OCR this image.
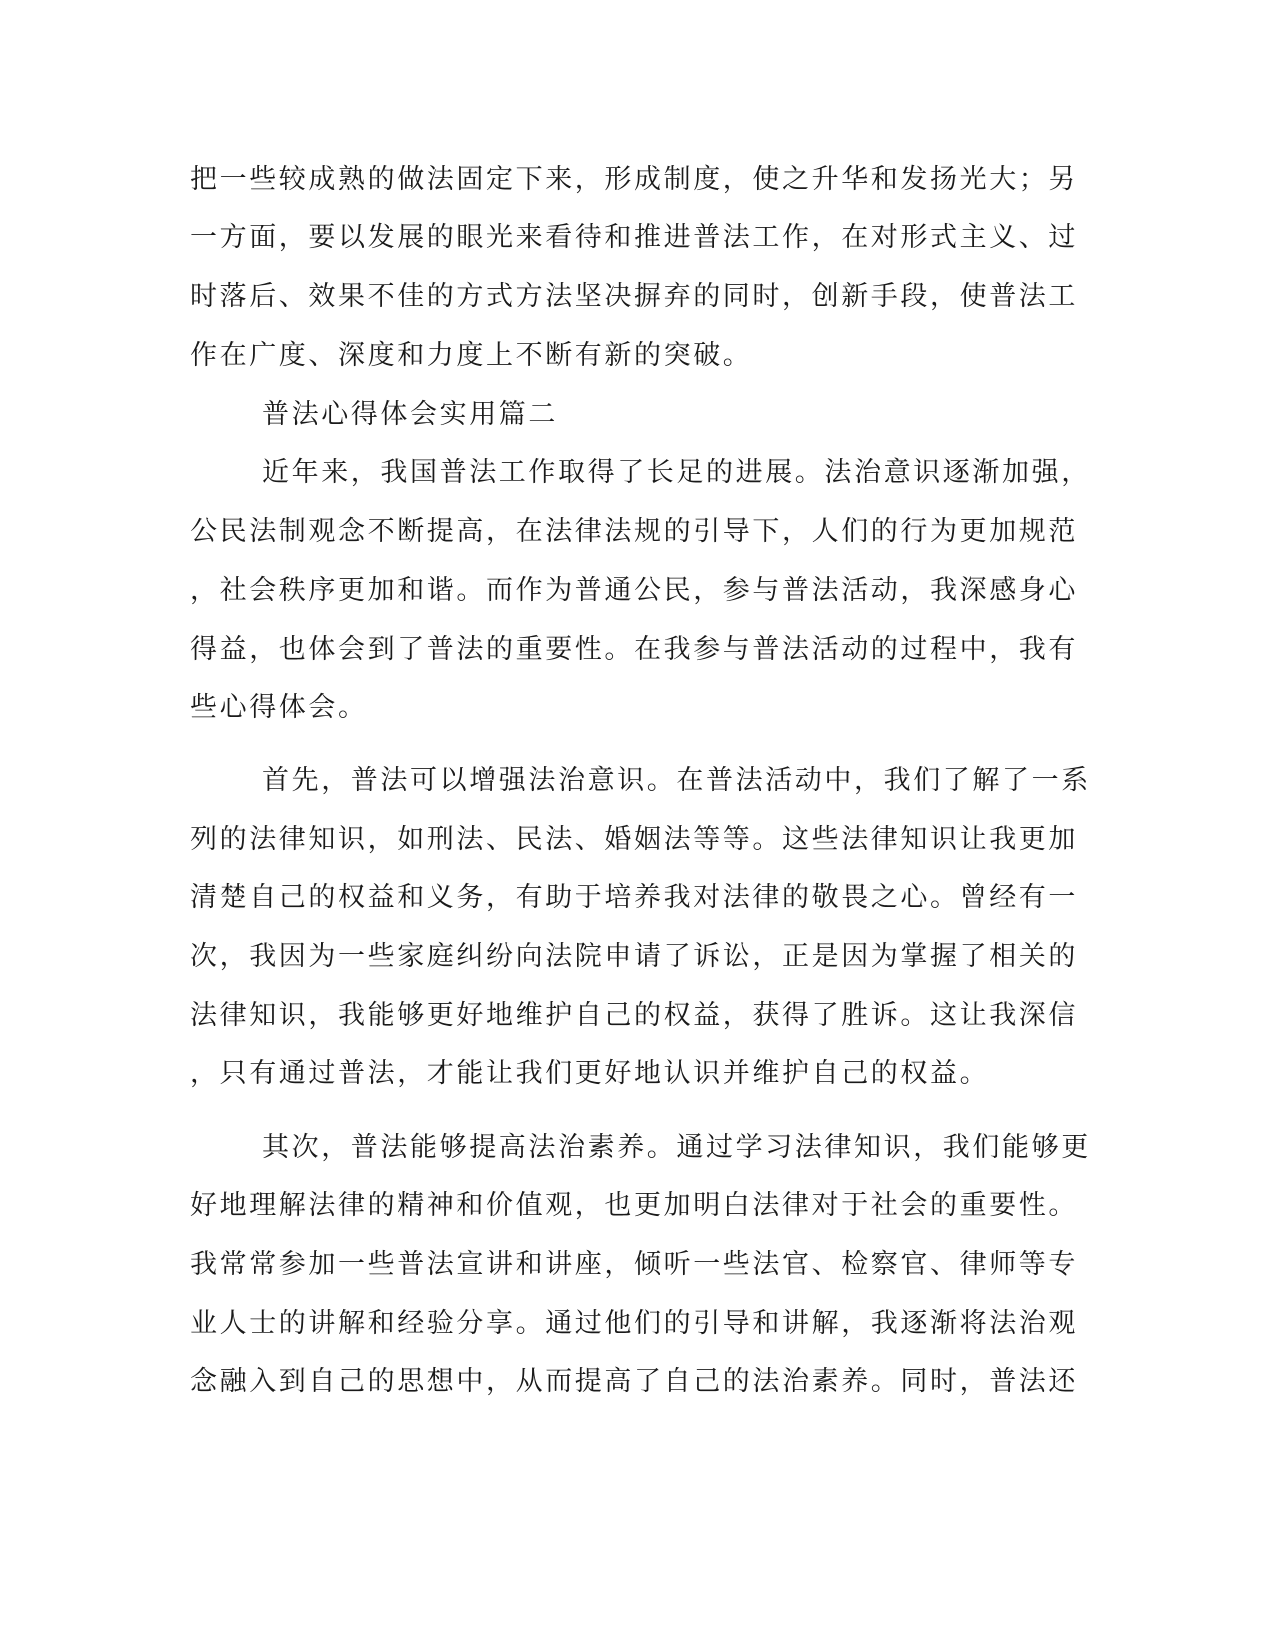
把一些较成熟的做法固定下来，形成制度，使之升华和发扬光大；另
一方面，要以发展的眼光来看待和推进普法工作，在对形式主义、过
时落后、效果不佳的方式方法坚决摒弃的同时，创新手段，使普法工
作在广度、深度和力度上不断有新的突破。
普法心得体会实用篇二
近年来，我国普法工作取得了长足的进展。法治意识逐渐加强，
公民法制观念不断提高，在法律法规的引导下，人们的行为更加规范
，社会秩序更加和谐。而作为普通公民，参与普法活动，我深感身心
得益，也体会到了普法的重要性。在我参与普法活动的过程中，我有
些心得体会。
首先，普法可以增强法治意识。在普法活动中，我们了解了一系
列的法律知识，如刑法、民法、婚姻法等等。这些法律知识让我更加
清楚自己的权益和义务，有助于培养我对法律的敬畏之心。曾经有一
次，我因为一些家庭纠纷向法院申请了诉讼，正是因为掌握了相关的
法律知识，我能够更好地维护自己的权益，获得了胜诉。这让我深信
，只有通过普法，才能让我们更好地认识并维护自己的权益。
其次，普法能够提高法治素养。通过学习法律知识，我们能够更
好地理解法律的精神和价值观，也更加明白法律对于社会的重要性。
我常常参加一些普法宣讲和讲座，倾听一些法官、检察官、律师等专
业人士的讲解和经验分享。通过他们的引导和讲解，我逐渐将法治观
念融入到自己的思想中，从而提高了自己的法治素养。同时，普法还
